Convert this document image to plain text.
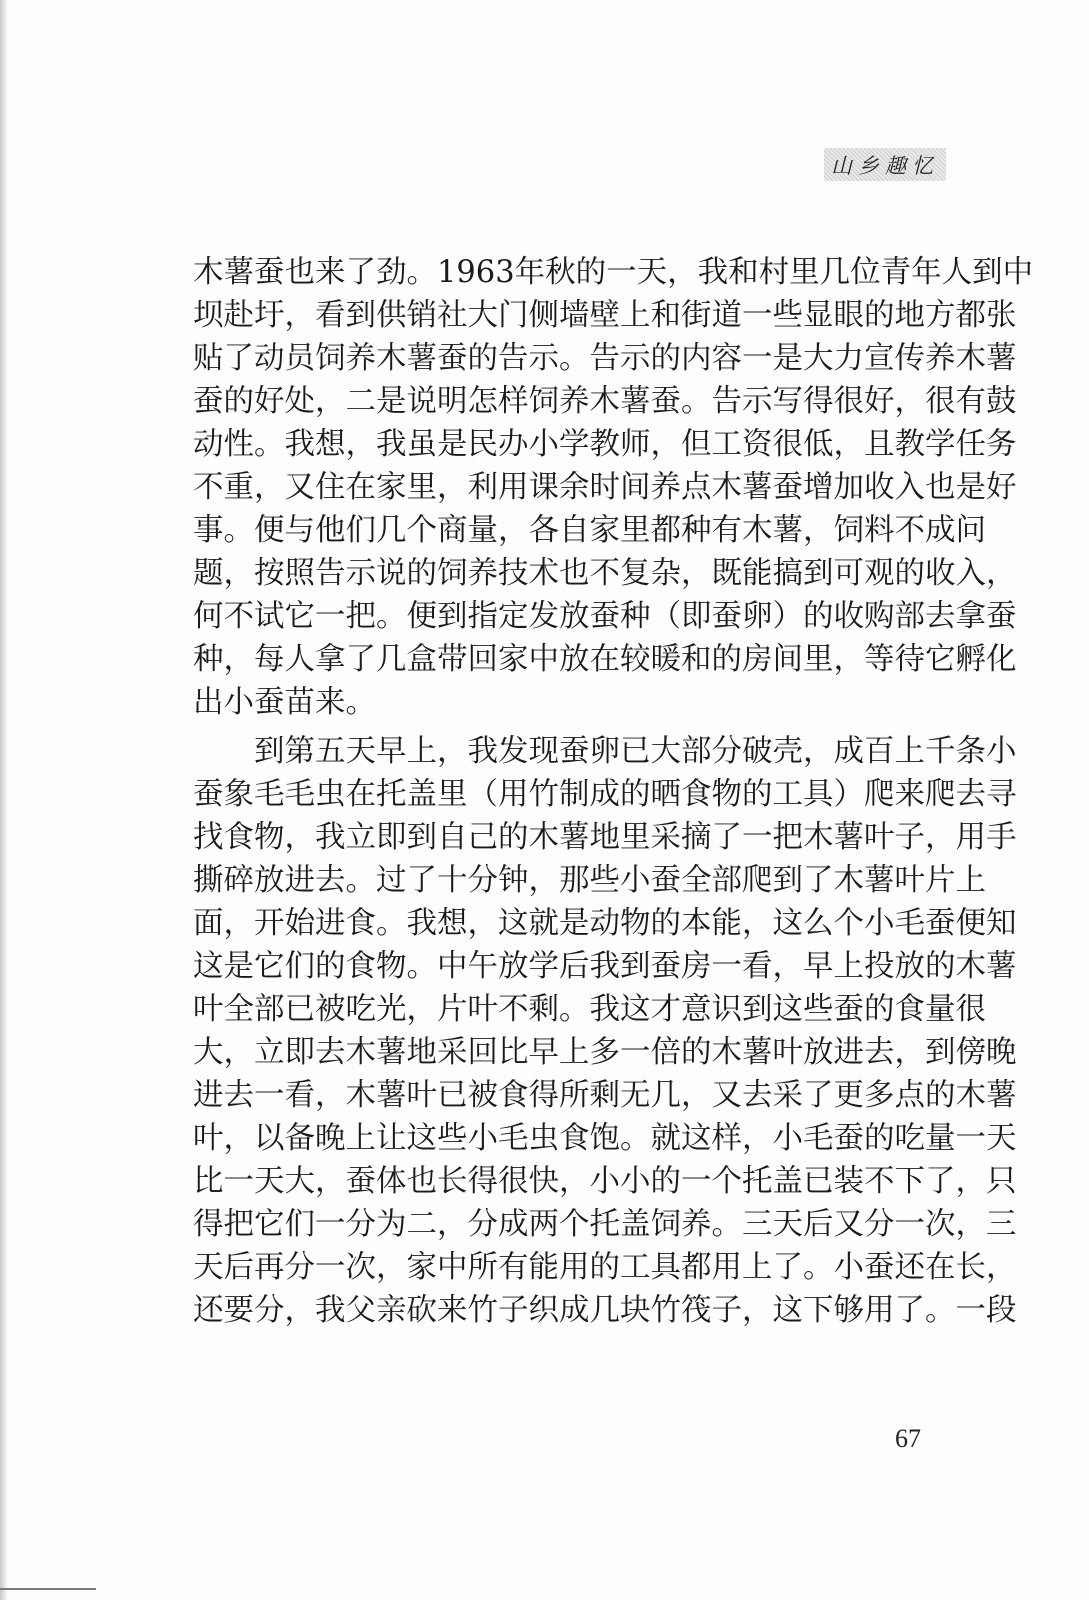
山乡趣忆
木薯蚕也来了劲。1963年秋的一天，我和村里几位青年人到中
坝赴圩，看到供销社大门侧墙壁上和街道一些显眼的地方都张
贴了动员饲养木薯蚕的告示。告示的内容一是大力宣传养木薯
蚕的好处，二是说明怎样饲养木薯蚕。告示写得很好，很有鼓
动性。我想，我虽是民办小学教师，但工资很低，且教学任务
不重，又住在家里，利用课余时间养点木薯蚕增加收入也是好
事。便与他们几个商量，各自家里都种有木薯，饲料不成问
题，按照告示说的饲养技术也不复杂，既能搞到可观的收入，
何不试它一把。便到指定发放蚕种（即蚕卵）的收购部去拿蚕
种，每人拿了几盒带回家中放在较暖和的房间里，等待它孵化
出小蚕苗来。
到第五天早上，我发现蚕卵已大部分破壳，成百上千条小
蚕象毛毛虫在托盖里（用竹制成的晒食物的工具）爬来爬去寻
找食物，我立即到自己的木薯地里采摘了一把木薯叶子，用手
撕碎放进去。过了十分钟，那些小蚕全部爬到了木薯叶片上
面，开始进食。我想，这就是动物的本能，这么个小毛蚕便知
这是它们的食物。中午放学后我到蚕房一看，早上投放的木薯
叶全部已被吃光，片叶不剩。我这才意识到这些蚕的食量很
大，立即去木薯地采回比早上多一倍的木薯叶放进去，到傍晚
进去一看，木薯叶已被食得所剩无几，又去采了更多点的木薯
叶，以备晚上让这些小毛虫食饱。就这样，小毛蚕的吃量一天
比一天大，蚕体也长得很快，小小的一个托盖已装不下了，只
得把它们一分为二，分成两个托盖饲养。三天后又分一次，三
天后再分一次，家中所有能用的工具都用上了。小蚕还在长，
还要分，我父亲砍来竹子织成几块竹筏子，这下够用了。一段
67
